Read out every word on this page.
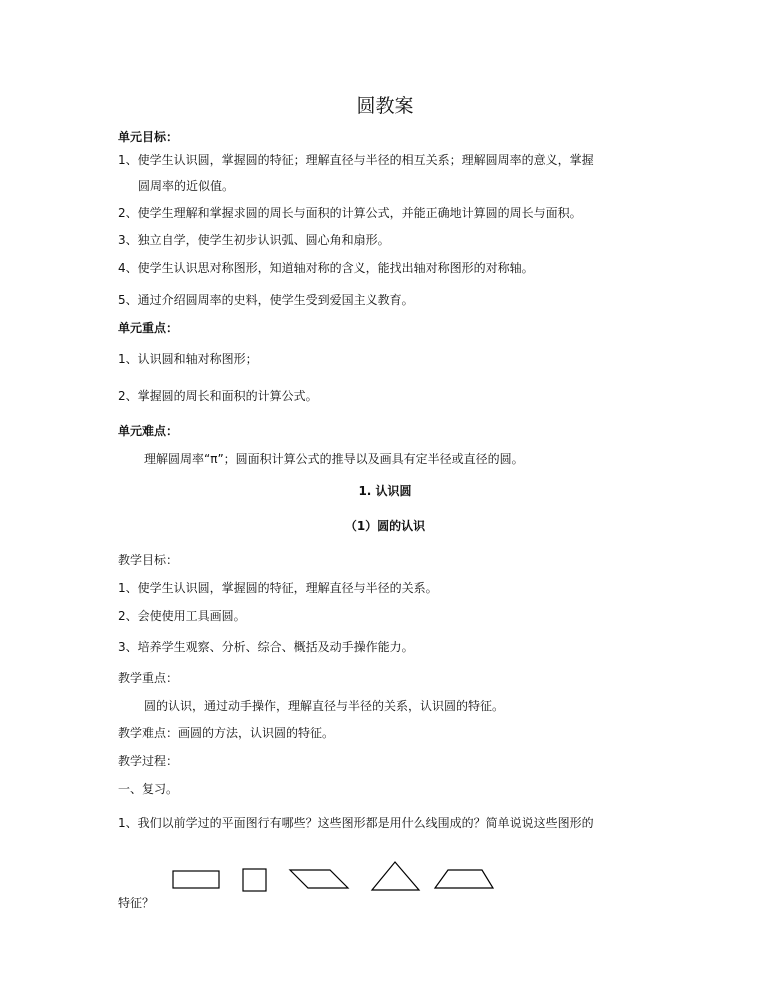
圆教案
单元目标：
1、使学生认识圆，掌握圆的特征；理解直径与半径的相互关系；理解圆周率的意义，掌握
圆周率的近似值。
2、使学生理解和掌握求圆的周长与面积的计算公式，并能正确地计算圆的周长与面积。
3、独立自学，使学生初步认识弧、圆心角和扇形。
4、使学生认识思对称图形，知道轴对称的含义，能找出轴对称图形的对称轴。
5、通过介绍圆周率的史料，使学生受到爱国主义教育。
单元重点：
1、认识圆和轴对称图形；
2、掌握圆的周长和面积的计算公式。
单元难点：
理解圆周率“π”；圆面积计算公式的推导以及画具有定半径或直径的圆。
1. 认识圆
（1）圆的认识
教学目标：
1、使学生认识圆，掌握圆的特征，理解直径与半径的关系。
2、会使使用工具画圆。
3、培养学生观察、分析、综合、概括及动手操作能力。
教学重点：
圆的认识，通过动手操作，理解直径与半径的关系，认识圆的特征。
教学难点：画圆的方法，认识圆的特征。
教学过程：
一、复习。
1、我们以前学过的平面图行有哪些？这些图形都是用什么线围成的？简单说说这些图形的
特征？
